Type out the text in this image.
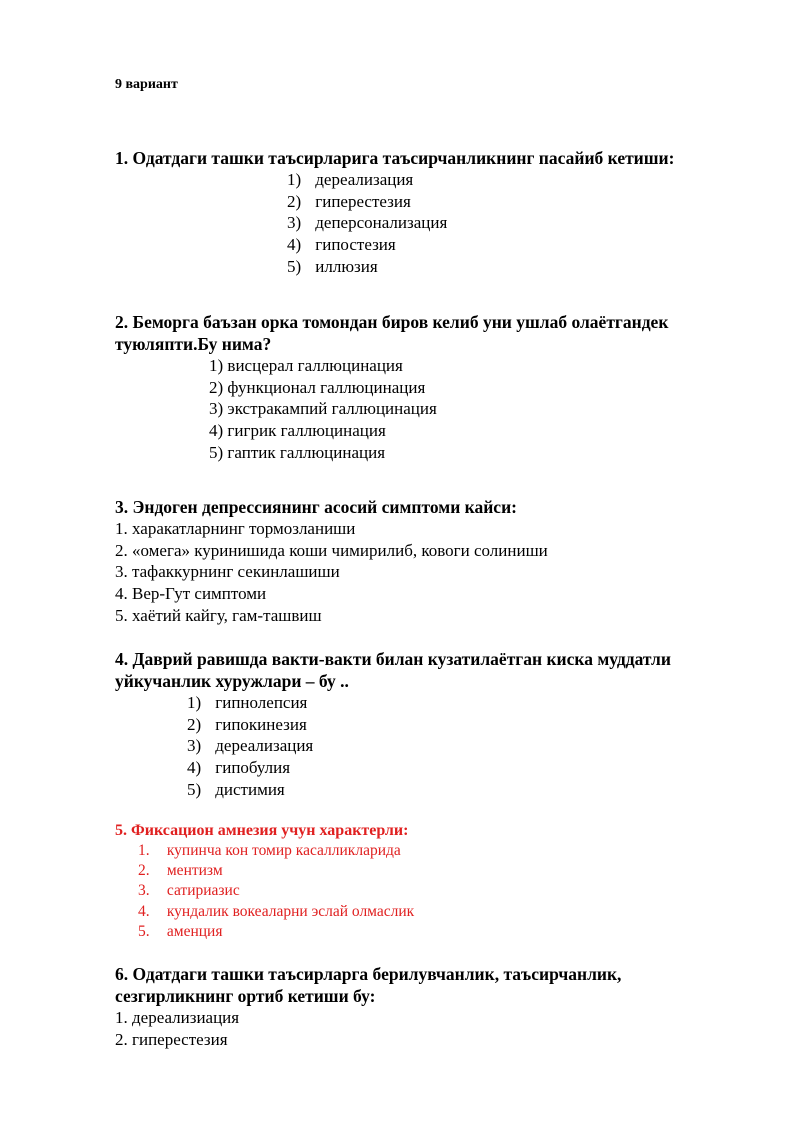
9 вариант

1. Одатдаги ташки таъсирларига таъсирчанликнинг пасайиб кетиши:

1) дереализация
2) гиперестезия
3) деперсонализация
4) гипостезия
5) иллюзия

2. Беморга баъзан орка томондан биров келиб уни ушлаб олаётгандек туюляпти.Бу нима?

1) висцерал галлюцинация
2) функционал галлюцинация
3) экстракампий галлюцинация
4) гигрик галлюцинация
5) гаптик галлюцинация

3. Эндоген депрессиянинг асосий симптоми кайси:

1. харакатларнинг тормозланиши
2. «омега» куринишида коши чимирилиб, ковоги солиниши
3. тафаккурнинг секинлашиши
4. Вер-Гут симптоми
5. хаётий кайгу, гам-ташвиш

4. Даврий равишда вакти-вакти билан кузатилаётган киска муддатли уйкучанлик хуружлари – бу ..

1) гипнолепсия
2) гипокинезия
3) дереализация
4) гипобулия
5) дистимия

5. Фиксацион амнезия учун характерли:

1. купинча кон томир касалликларида
2. ментизм
3. сатириазис
4. кундалик вокеаларни эслай олмаслик
5. аменция

6. Одатдаги ташки таъсирларга берилувчанлик, таъсирчанлик, сезгирликнинг ортиб кетиши бу:

1. дереализиация
2. гиперестезия
